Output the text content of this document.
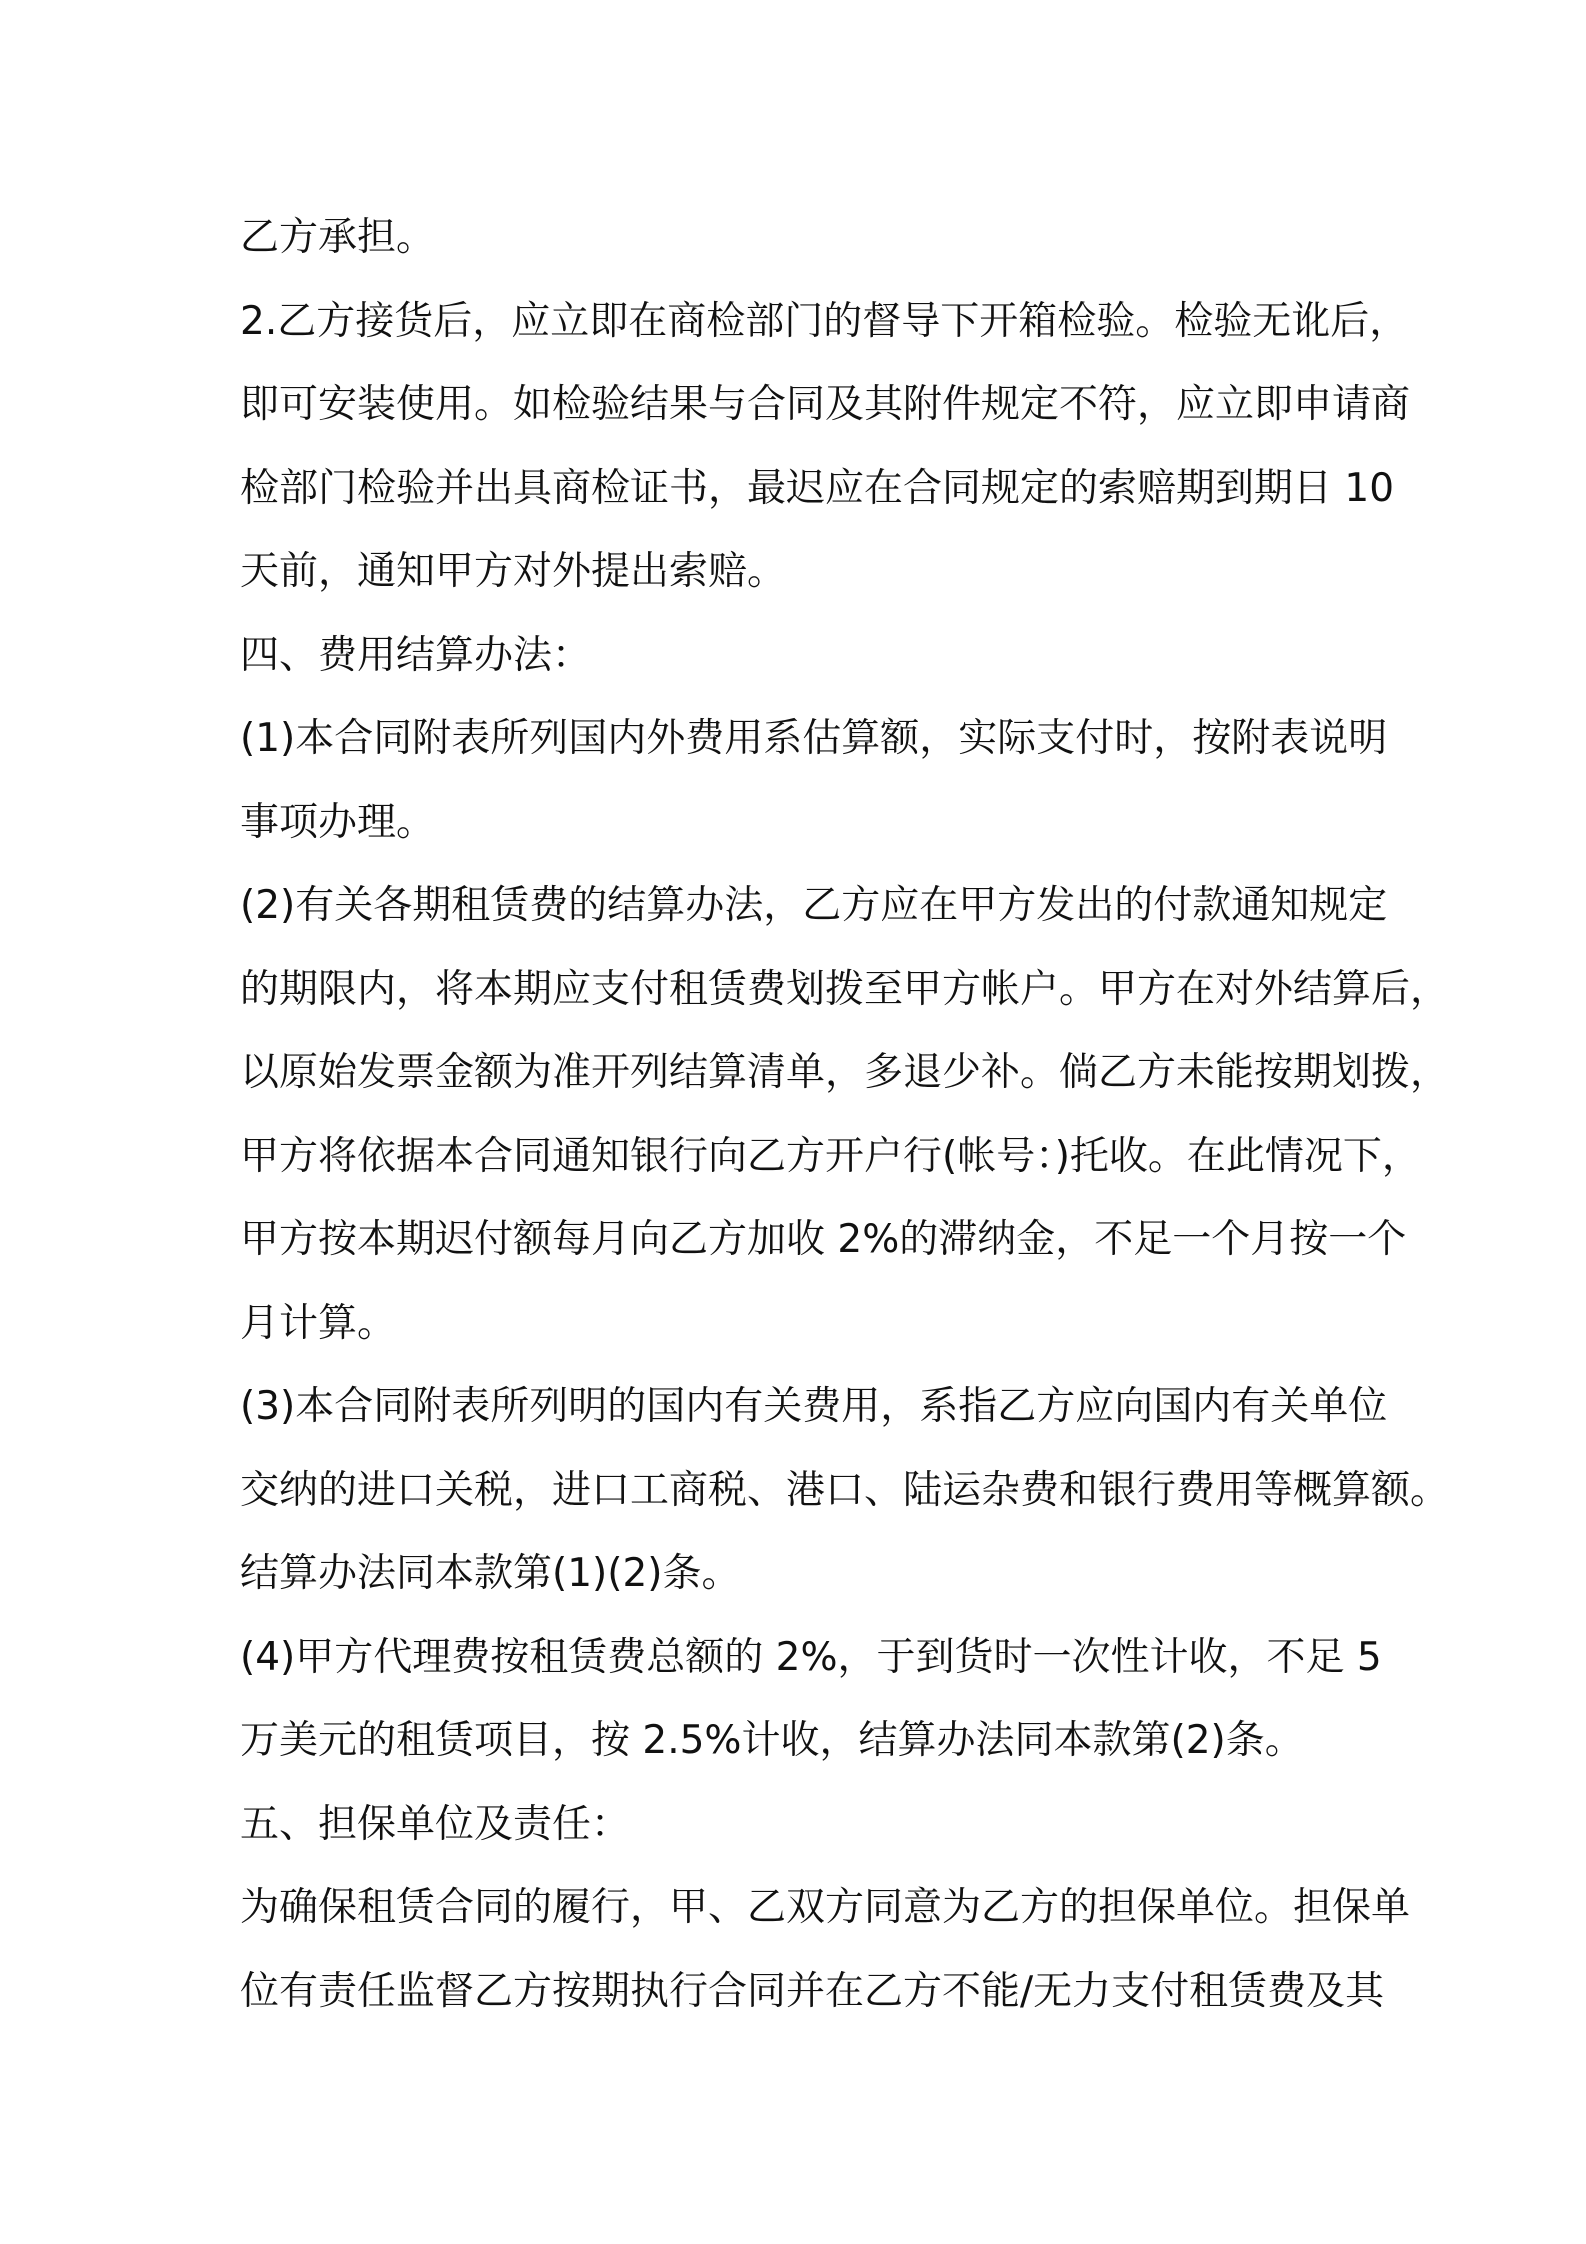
乙方承担。
2.乙方接货后，应立即在商检部门的督导下开箱检验。检验无讹后，
即可安装使用。如检验结果与合同及其附件规定不符，应立即申请商
检部门检验并出具商检证书，最迟应在合同规定的索赔期到期日 10
天前，通知甲方对外提出索赔。
四、费用结算办法：
(1)本合同附表所列国内外费用系估算额，实际支付时，按附表说明
事项办理。
(2)有关各期租赁费的结算办法，乙方应在甲方发出的付款通知规定
的期限内，将本期应支付租赁费划拨至甲方帐户。甲方在对外结算后，
以原始发票金额为准开列结算清单，多退少补。倘乙方未能按期划拨，
甲方将依据本合同通知银行向乙方开户行(帐号：)托收。在此情况下，
甲方按本期迟付额每月向乙方加收 2%的滞纳金，不足一个月按一个
月计算。
(3)本合同附表所列明的国内有关费用，系指乙方应向国内有关单位
交纳的进口关税，进口工商税、港口、陆运杂费和银行费用等概算额。
结算办法同本款第(1)(2)条。
(4)甲方代理费按租赁费总额的 2%，于到货时一次性计收，不足 5
万美元的租赁项目，按 2.5%计收，结算办法同本款第(2)条。
五、担保单位及责任：
为确保租赁合同的履行，甲、乙双方同意为乙方的担保单位。担保单
位有责任监督乙方按期执行合同并在乙方不能/无力支付租赁费及其
